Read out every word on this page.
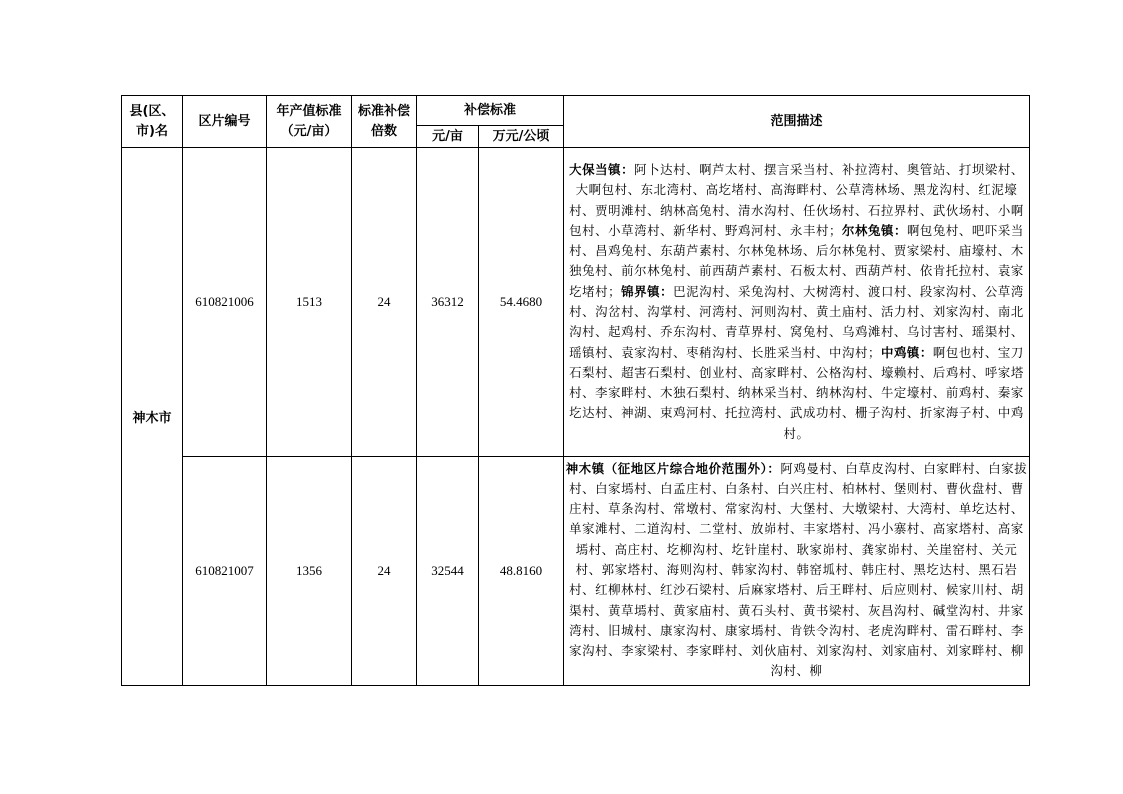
县(区、市)名	区片编号	年产值标准（元/亩）	标准补偿倍数	补偿标准		范围描述
				元/亩	万元/公顷	
神木市	610821006	1513	24	36312	54.4680	大保当镇：阿卜达村、啊芦太村、摆言采当村、补拉湾村、奥管站、打坝梁村、大啊包村、东北湾村、高圪堵村、高海畔村、公草湾林场、黑龙沟村、红泥壕村、贾明滩村、纳林高兔村、清水沟村、任伙场村、石拉界村、武伙场村、小啊包村、小草湾村、新华村、野鸡河村、永丰村；尔林兔镇：啊包兔村、吧吓采当村、昌鸡兔村、东葫芦素村、尔林兔林场、后尔林兔村、贾家梁村、庙壕村、木独兔村、前尔林兔村、前西葫芦素村、石板太村、西葫芦村、依肯托拉村、袁家圪堵村；锦界镇：巴泥沟村、采兔沟村、大树湾村、渡口村、段家沟村、公草湾村、沟岔村、沟掌村、河湾村、河则沟村、黄土庙村、活力村、刘家沟村、南北沟村、起鸡村、乔东沟村、青草界村、窝兔村、乌鸡滩村、乌讨害村、瑶渠村、瑶镇村、袁家沟村、枣稍沟村、长胜采当村、中沟村；中鸡镇：啊包也村、宝刀石梨村、超害石梨村、创业村、高家畔村、公格沟村、壕赖村、后鸡村、呼家塔村、李家畔村、木独石梨村、纳林采当村、纳林沟村、牛定壕村、前鸡村、秦家圪达村、神湖、束鸡河村、托拉湾村、武成功村、栅子沟村、折家海子村、中鸡村。
	610821007	1356	24	32544	48.8160	神木镇（征地区片综合地价范围外）：阿鸡曼村、白草皮沟村、白家畔村、白家拔村、白家墕村、白孟庄村、白条村、白兴庄村、柏林村、堡则村、曹伙盘村、曹庄村、草条沟村、常墩村、常家沟村、大堡村、大墩梁村、大湾村、单圪达村、单家滩村、二道沟村、二堂村、放峁村、丰家塔村、冯小寨村、高家塔村、高家墕村、高庄村、圪柳沟村、圪针崖村、耿家峁村、龚家峁村、关崖窑村、关元村、郭家塔村、海则沟村、韩家沟村、韩窑坬村、韩庄村、黑圪达村、黑石岩村、红柳林村、红沙石梁村、后麻家塔村、后王畔村、后应则村、候家川村、胡渠村、黄草墕村、黄家庙村、黄石头村、黄书梁村、灰昌沟村、碱堂沟村、井家湾村、旧城村、康家沟村、康家墕村、肯铁令沟村、老虎沟畔村、雷石畔村、李家沟村、李家梁村、李家畔村、刘伙庙村、刘家沟村、刘家庙村、刘家畔村、柳沟村、柳
